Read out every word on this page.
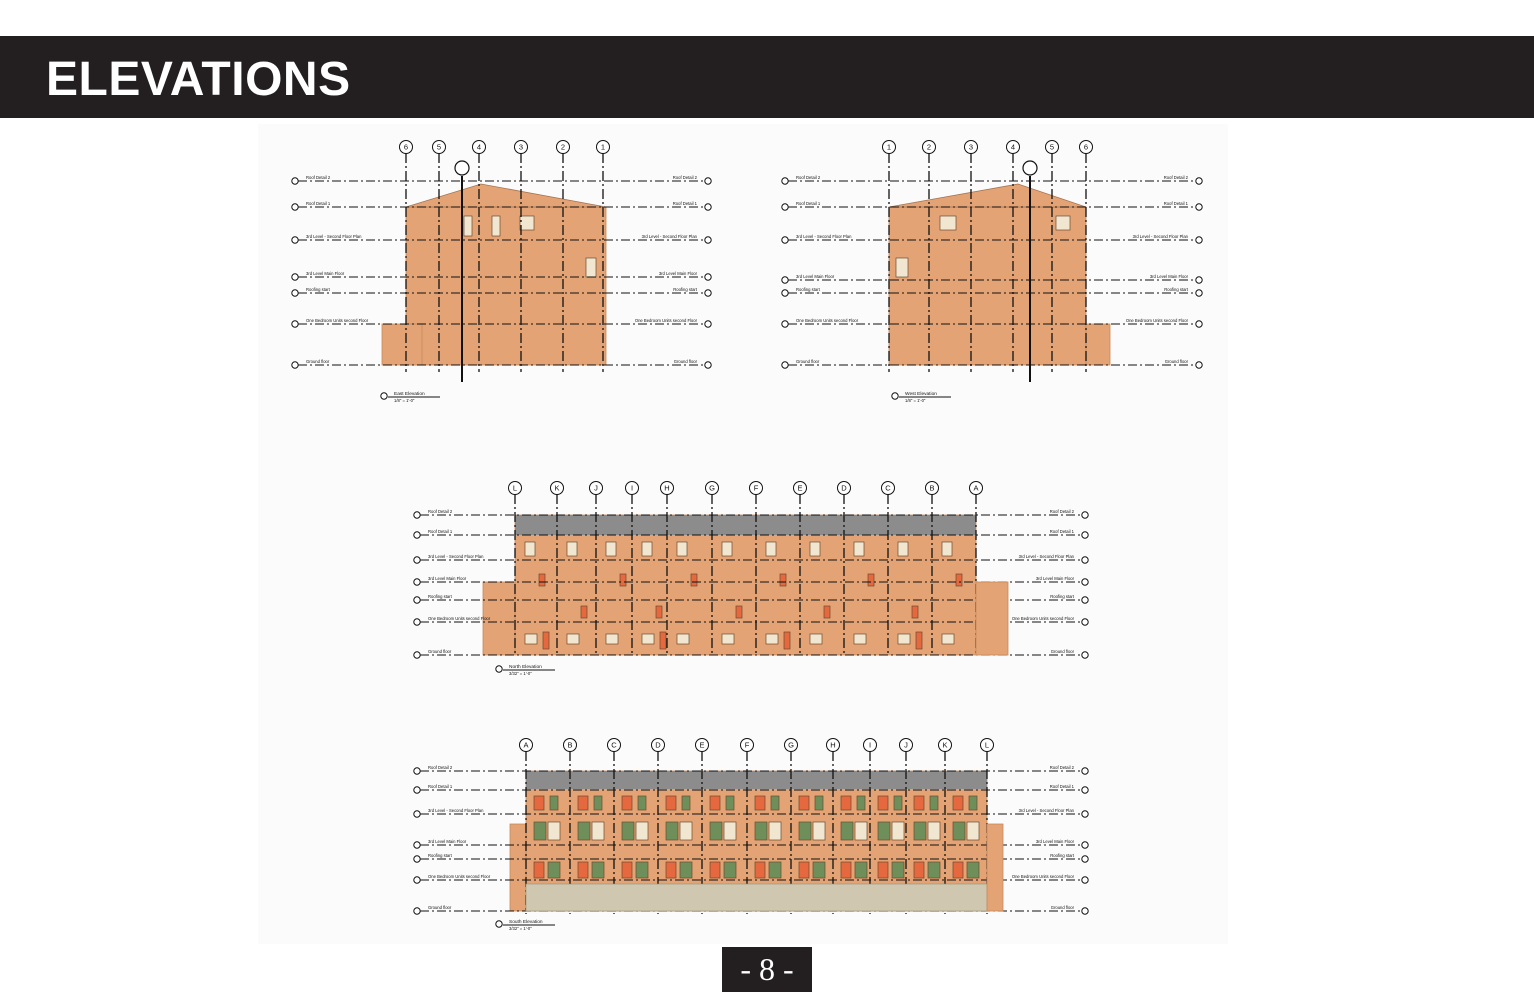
ELEVATIONS
Roof Detail 2	Roof Detail 2
Roof Detail 1	Roof Detail 1
3rd Level - Second Floor Plan	3rd Level - Second Floor Plan
3rd Level Main Floor	3rd Level Main Floor
Roofing start	Roofing start
One Bedroom Units second Floor	One Bedroom Units second Floor
Ground floor	Ground floor
6	5	4	3	2	1
East Elevation
1/8" = 1'-0"
Roof Detail 2	Roof Detail 2
Roof Detail 1	Roof Detail 1
3rd Level - Second Floor Plan	3rd Level - Second Floor Plan
3rd Level Main Floor	3rd Level Main Floor
Roofing start	Roofing start
One Bedroom Units second Floor	One Bedroom Units second Floor
Ground floor	Ground floor
1	2	3	4	5	6
West Elevation
1/8" = 1'-0"
Roof Detail 2	Roof Detail 2
Roof Detail 1	Roof Detail 1
3rd Level - Second Floor Plan	3rd Level - Second Floor Plan
3rd Level Main Floor	3rd Level Main Floor
Roofing start	Roofing start
One Bedroom Units second Floor	One Bedroom Units second Floor
Ground floor	Ground floor
L	K	J	I	H	G	F	E	D	C	B	A
North Elevation
3/32" = 1'-0"
Roof Detail 2	Roof Detail 2
Roof Detail 1	Roof Detail 1
3rd Level - Second Floor Plan	3rd Level - Second Floor Plan
3rd Level Main Floor	3rd Level Main Floor
Roofing start	Roofing start
One Bedroom Units second Floor	One Bedroom Units second Floor
Ground floor	Ground floor
A	B	C	D	E	F	G	H	I	J	K	L
South Elevation
3/32" = 1'-0"
- 8 -
